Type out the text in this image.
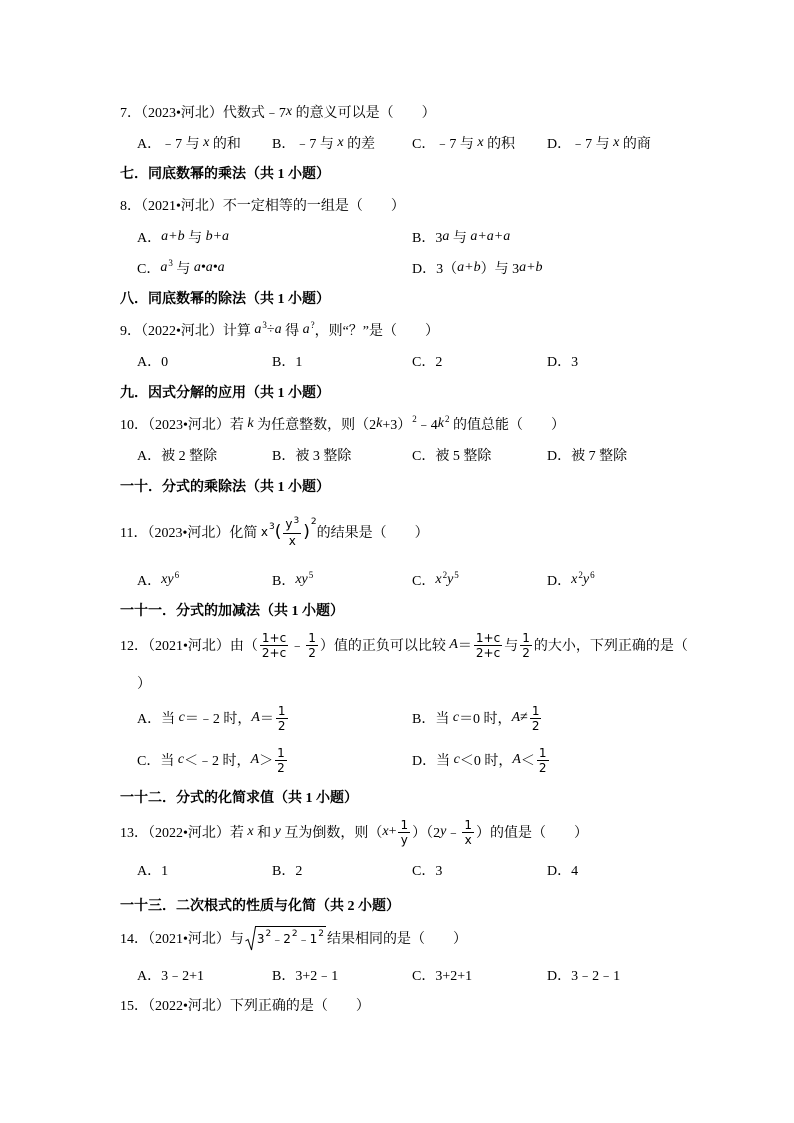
7．（2023•河北）代数式﹣7 x 的意义可以是（　　）
A．﹣7 与 x 的和 B．﹣7 与 x 的差	C．﹣7 与 x 的积 D．﹣7 与 x 的商
七．同底数幂的乘法（共 1 小题）
8．（2021•河北）不一定相等的一组是（　　）
A． a+b 与 b+a	B．3 a 与 a+a+a
C． a 3 与 a•a•a	D．3（ a+b ）与 3 a+b
八．同底数幂的除法（共 1 小题）
9．（2022•河北）计算 a 3 ÷ a 得 a ? ，则“？”是（　　）
A．0	B．1	C．2	D．3
九．因式分解的应用（共 1 小题）
10．（2023•河北）若 k 为任意整数，则（2 k +3） 2 ﹣4 k 2 的值总能（　　）
A．被 2 整除	B．被 3 整除	C．被 5 整除	D．被 7 整除
一十．分式的乘除法（共 1 小题）
11．（2023•河北）化简 x 3 ( $\frac{y^3}{x}$ ) 2
的结果是（　　）
A． xy 6	B． xy 5	C． x 2 y 5	D． x 2 y 6
一十一．分式的加减法（共 1 小题）
12．（2021•河北）由（ $\frac{1+c}{2+c}$ ﹣ $\frac{1}{2}$ ）值的正负可以比较 $A = \frac{1+c}{2+c}$ 与 $\frac{1}{2}$ 的大小，下列正确的是（
）
A．当 c ＝﹣2 时， $A = \frac{1}{2}$	B．当 c ＝0 时， $A \ne \frac{1}{2}$
C．当 c ＜﹣2 时， $A > \frac{1}{2}$	D．当 c ＜0 时， $A < \frac{1}{2}$
一十二．分式的化简求值（共 1 小题）
13．（2022•河北）若 x 和 y 互为倒数，则（ $x + \frac{1}{y} )(2$ y ﹣ $\frac{1}{x}$ ）的值是（　　）
A．1	B．2	C．3	D．4
一十三．二次根式的性质与化简（共 2 小题）
14．（2021•河北）与 3 2 ﹣2 2 ﹣1 2 结果相同的是（　　）
A．3﹣2+1	B．3+2﹣1	C．3+2+1	D．3﹣2﹣1
15．（2022•河北）下列正确的是（　　）
